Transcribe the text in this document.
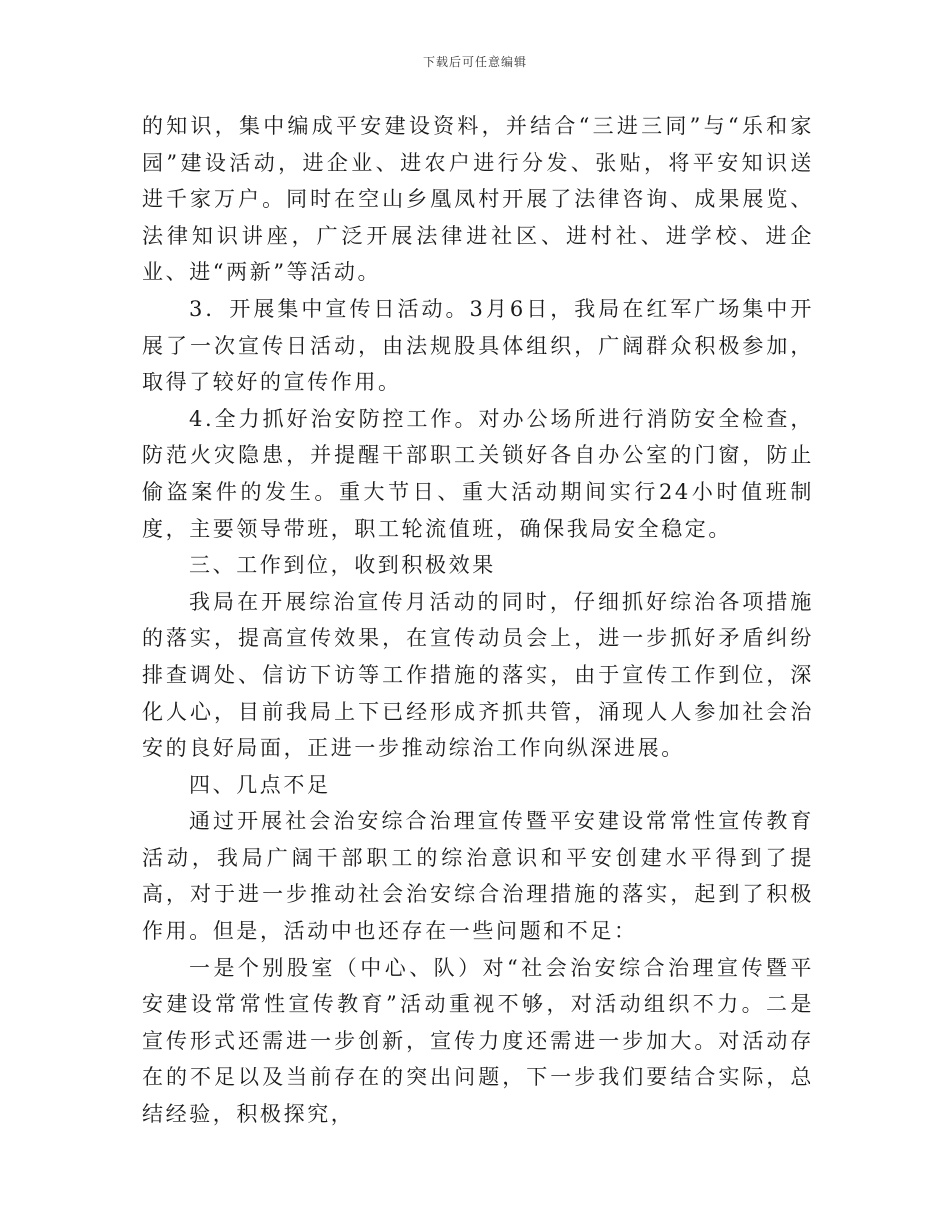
下载后可任意编辑

的知识，集中编成平安建设资料，并结合“三进三同”与“乐和家园”建设活动，进企业、进农户进行分发、张贴，将平安知识送进千家万户。同时在空山乡凰凤村开展了法律咨询、成果展览、法律知识讲座，广泛开展法律进社区、进村社、进学校、进企业、进“两新”等活动。

3．开展集中宣传日活动。3月6日，我局在红军广场集中开展了一次宣传日活动，由法规股具体组织，广阔群众积极参加，取得了较好的宣传作用。

4.全力抓好治安防控工作。对办公场所进行消防安全检查，防范火灾隐患，并提醒干部职工关锁好各自办公室的门窗，防止偷盗案件的发生。重大节日、重大活动期间实行24小时值班制度，主要领导带班，职工轮流值班，确保我局安全稳定。

三、工作到位，收到积极效果

我局在开展综治宣传月活动的同时，仔细抓好综治各项措施的落实，提高宣传效果，在宣传动员会上，进一步抓好矛盾纠纷排查调处、信访下访等工作措施的落实，由于宣传工作到位，深化人心，目前我局上下已经形成齐抓共管，涌现人人参加社会治安的良好局面，正进一步推动综治工作向纵深进展。

四、几点不足

通过开展社会治安综合治理宣传暨平安建设常常性宣传教育活动，我局广阔干部职工的综治意识和平安创建水平得到了提高，对于进一步推动社会治安综合治理措施的落实，起到了积极作用。但是，活动中也还存在一些问题和不足：

一是个别股室（中心、队）对“社会治安综合治理宣传暨平安建设常常性宣传教育”活动重视不够，对活动组织不力。二是宣传形式还需进一步创新，宣传力度还需进一步加大。对活动存在的不足以及当前存在的突出问题，下一步我们要结合实际，总结经验，积极探究，
